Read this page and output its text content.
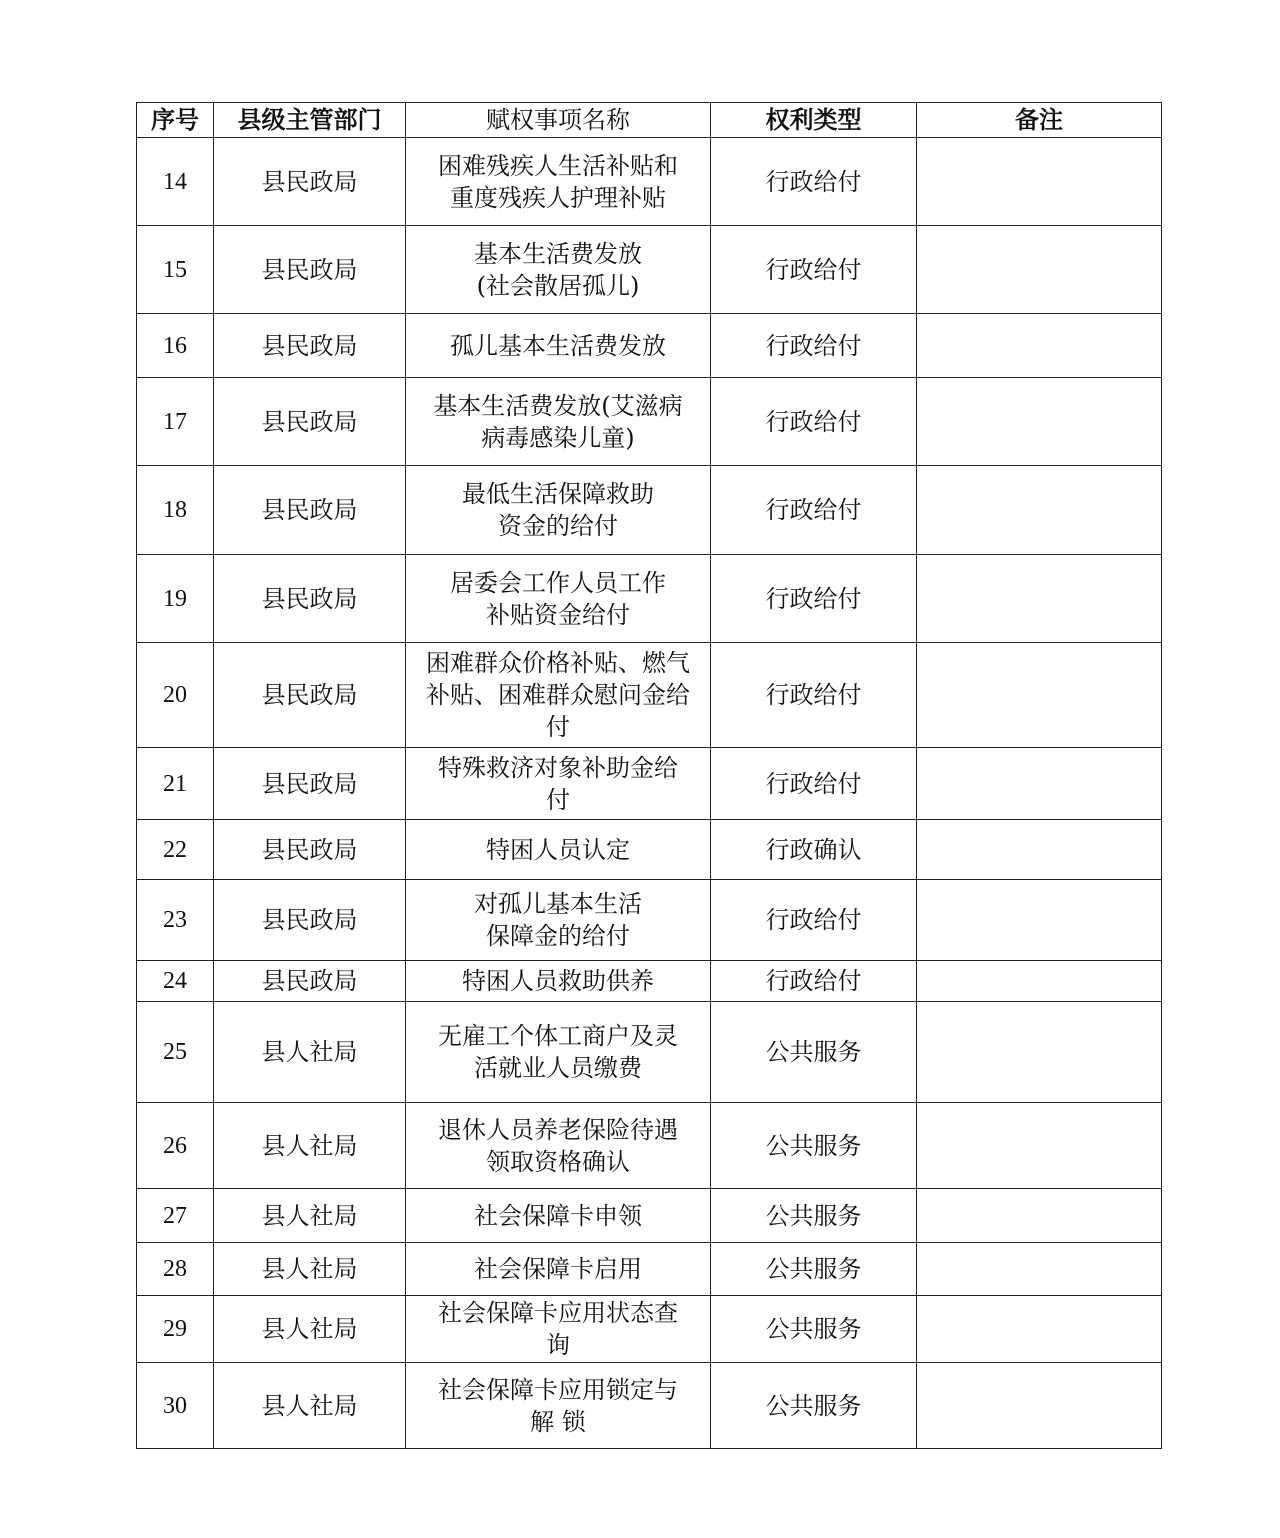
序号	县级主管部门	赋权事项名称	权利类型	备注
14	县民政局	困难残疾人生活补贴和
重度残疾人护理补贴	行政给付	
15	县民政局	基本生活费发放
(社会散居孤儿)	行政给付	
16	县民政局	孤儿基本生活费发放	行政给付	
17	县民政局	基本生活费发放(艾滋病
病毒感染儿童)	行政给付	
18	县民政局	最低生活保障救助
资金的给付	行政给付	
19	县民政局	居委会工作人员工作
补贴资金给付	行政给付	
20	县民政局	困难群众价格补贴、燃气
补贴、困难群众慰问金给
付	行政给付	
21	县民政局	特殊救济对象补助金给
付	行政给付	
22	县民政局	特困人员认定	行政确认	
23	县民政局	对孤儿基本生活
保障金的给付	行政给付	
24	县民政局	特困人员救助供养	行政给付	
25	县人社局	无雇工个体工商户及灵
活就业人员缴费	公共服务	
26	县人社局	退休人员养老保险待遇
领取资格确认	公共服务	
27	县人社局	社会保障卡申领	公共服务	
28	县人社局	社会保障卡启用	公共服务	
29	县人社局	社会保障卡应用状态查
询	公共服务	
30	县人社局	社会保障卡应用锁定与
解 锁	公共服务	
